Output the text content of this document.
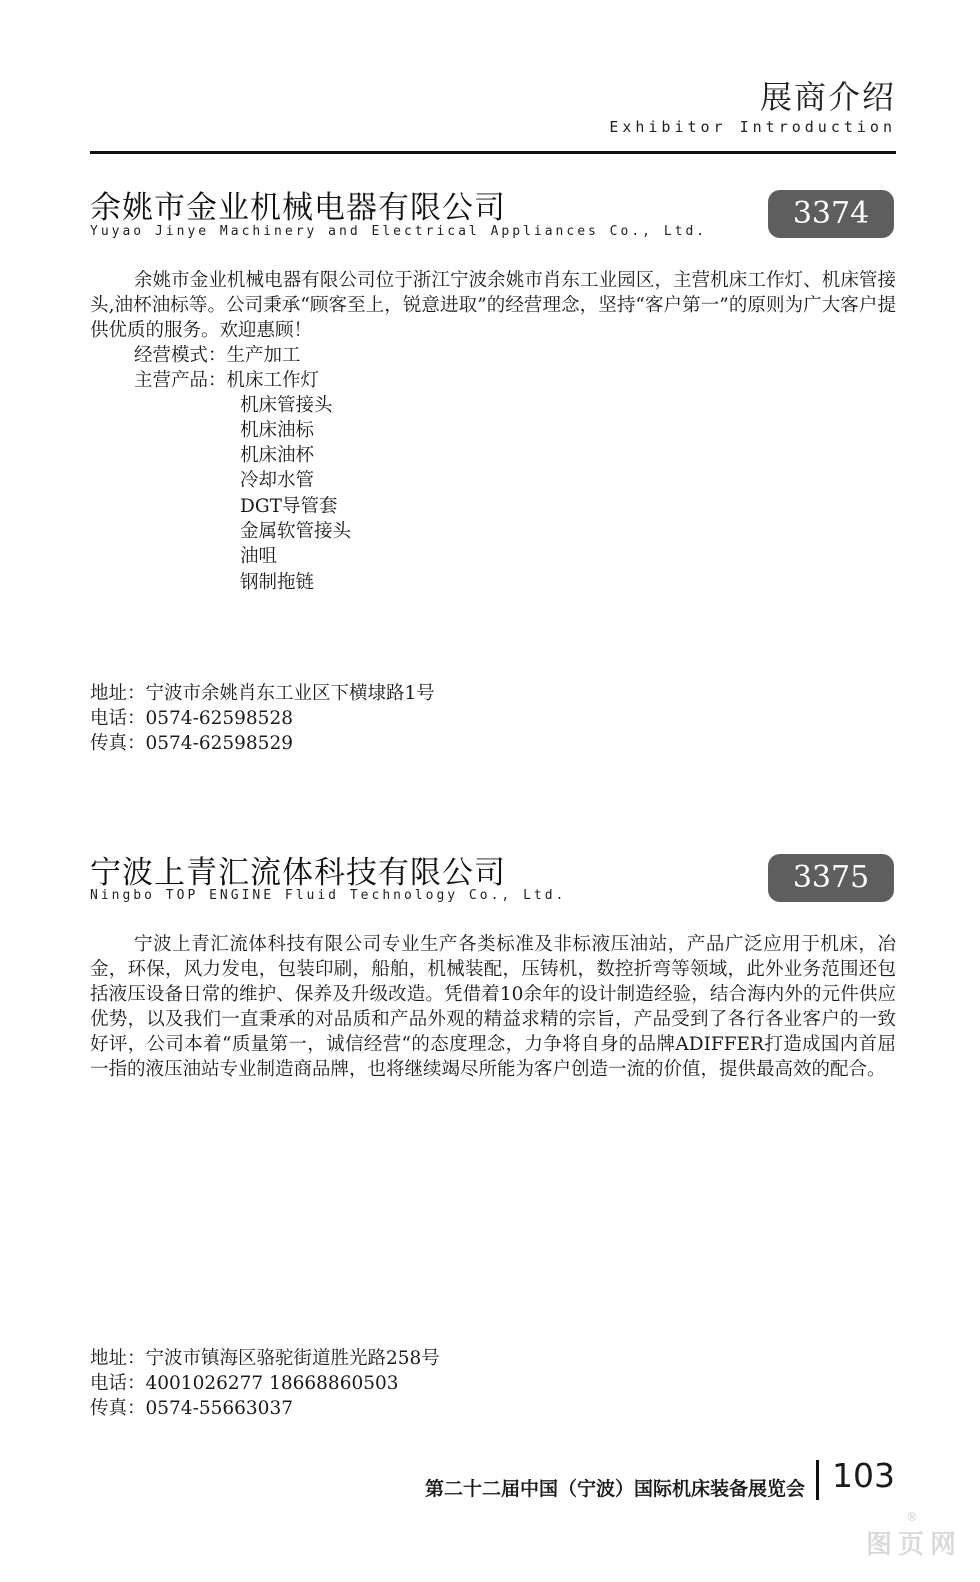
展商介绍
Exhibitor Introduction
余姚市金业机械电器有限公司
Yuyao Jinye Machinery and Electrical Appliances Co., Ltd.
3374

余姚市金业机械电器有限公司位于浙江宁波余姚市肖东工业园区，主营机床工作灯、机床管接头,油杯油标等。公司秉承“顾客至上，锐意进取”的经营理念，坚持“客户第一”的原则为广大客户提供优质的服务。欢迎惠顾！

经营模式：生产加工
主营产品：机床工作灯
机床管接头
机床油标
机床油杯
冷却水管
DGT导管套
金属软管接头
油咀
钢制拖链
地址：宁波市余姚肖东工业区下横埭路1号
电话：0574-62598528
传真：0574-62598529
宁波上青汇流体科技有限公司
Ningbo TOP ENGINE Fluid Technology Co., Ltd.
3375

宁波上青汇流体科技有限公司专业生产各类标准及非标液压油站，产品广泛应用于机床，冶金，环保，风力发电，包装印刷，船舶，机械装配，压铸机，数控折弯等领域，此外业务范围还包括液压设备日常的维护、保养及升级改造。凭借着10余年的设计制造经验，结合海内外的元件供应优势，以及我们一直秉承的对品质和产品外观的精益求精的宗旨，产品受到了各行各业客户的一致好评，公司本着“质量第一，诚信经营“的态度理念，力争将自身的品牌ADIFFER打造成国内首屈一指的液压油站专业制造商品牌，也将继续竭尽所能为客户创造一流的价值，提供最高效的配合。

地址：宁波市镇海区骆驼街道胜光路258号
电话：4001026277 18668860503
传真：0574-55663037
第二十二届中国（宁波）国际机床装备展览会 103
图页网
®
